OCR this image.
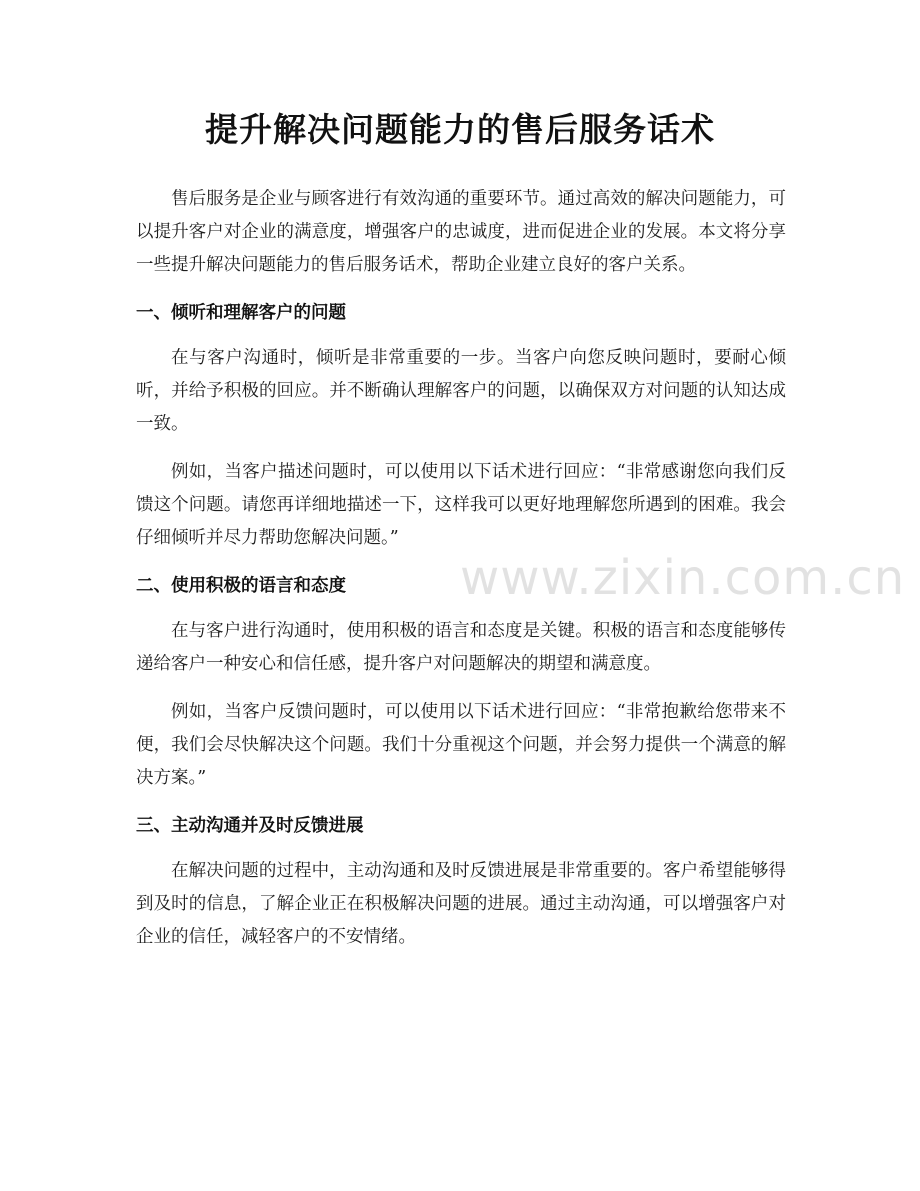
提升解决问题能力的售后服务话术

售后服务是企业与顾客进行有效沟通的重要环节。通过高效的解决问题能力，可以提升客户对企业的满意度，增强客户的忠诚度，进而促进企业的发展。本文将分享一些提升解决问题能力的售后服务话术，帮助企业建立良好的客户关系。

一、倾听和理解客户的问题

在与客户沟通时，倾听是非常重要的一步。当客户向您反映问题时，要耐心倾听，并给予积极的回应。并不断确认理解客户的问题，以确保双方对问题的认知达成一致。

例如，当客户描述问题时，可以使用以下话术进行回应：“非常感谢您向我们反馈这个问题。请您再详细地描述一下，这样我可以更好地理解您所遇到的困难。我会仔细倾听并尽力帮助您解决问题。”

二、使用积极的语言和态度

在与客户进行沟通时，使用积极的语言和态度是关键。积极的语言和态度能够传递给客户一种安心和信任感，提升客户对问题解决的期望和满意度。

例如，当客户反馈问题时，可以使用以下话术进行回应：“非常抱歉给您带来不便，我们会尽快解决这个问题。我们十分重视这个问题，并会努力提供一个满意的解决方案。”

三、主动沟通并及时反馈进展

在解决问题的过程中，主动沟通和及时反馈进展是非常重要的。客户希望能够得到及时的信息，了解企业正在积极解决问题的进展。通过主动沟通，可以增强客户对企业的信任，减轻客户的不安情绪。

www.zixin.com.cn
